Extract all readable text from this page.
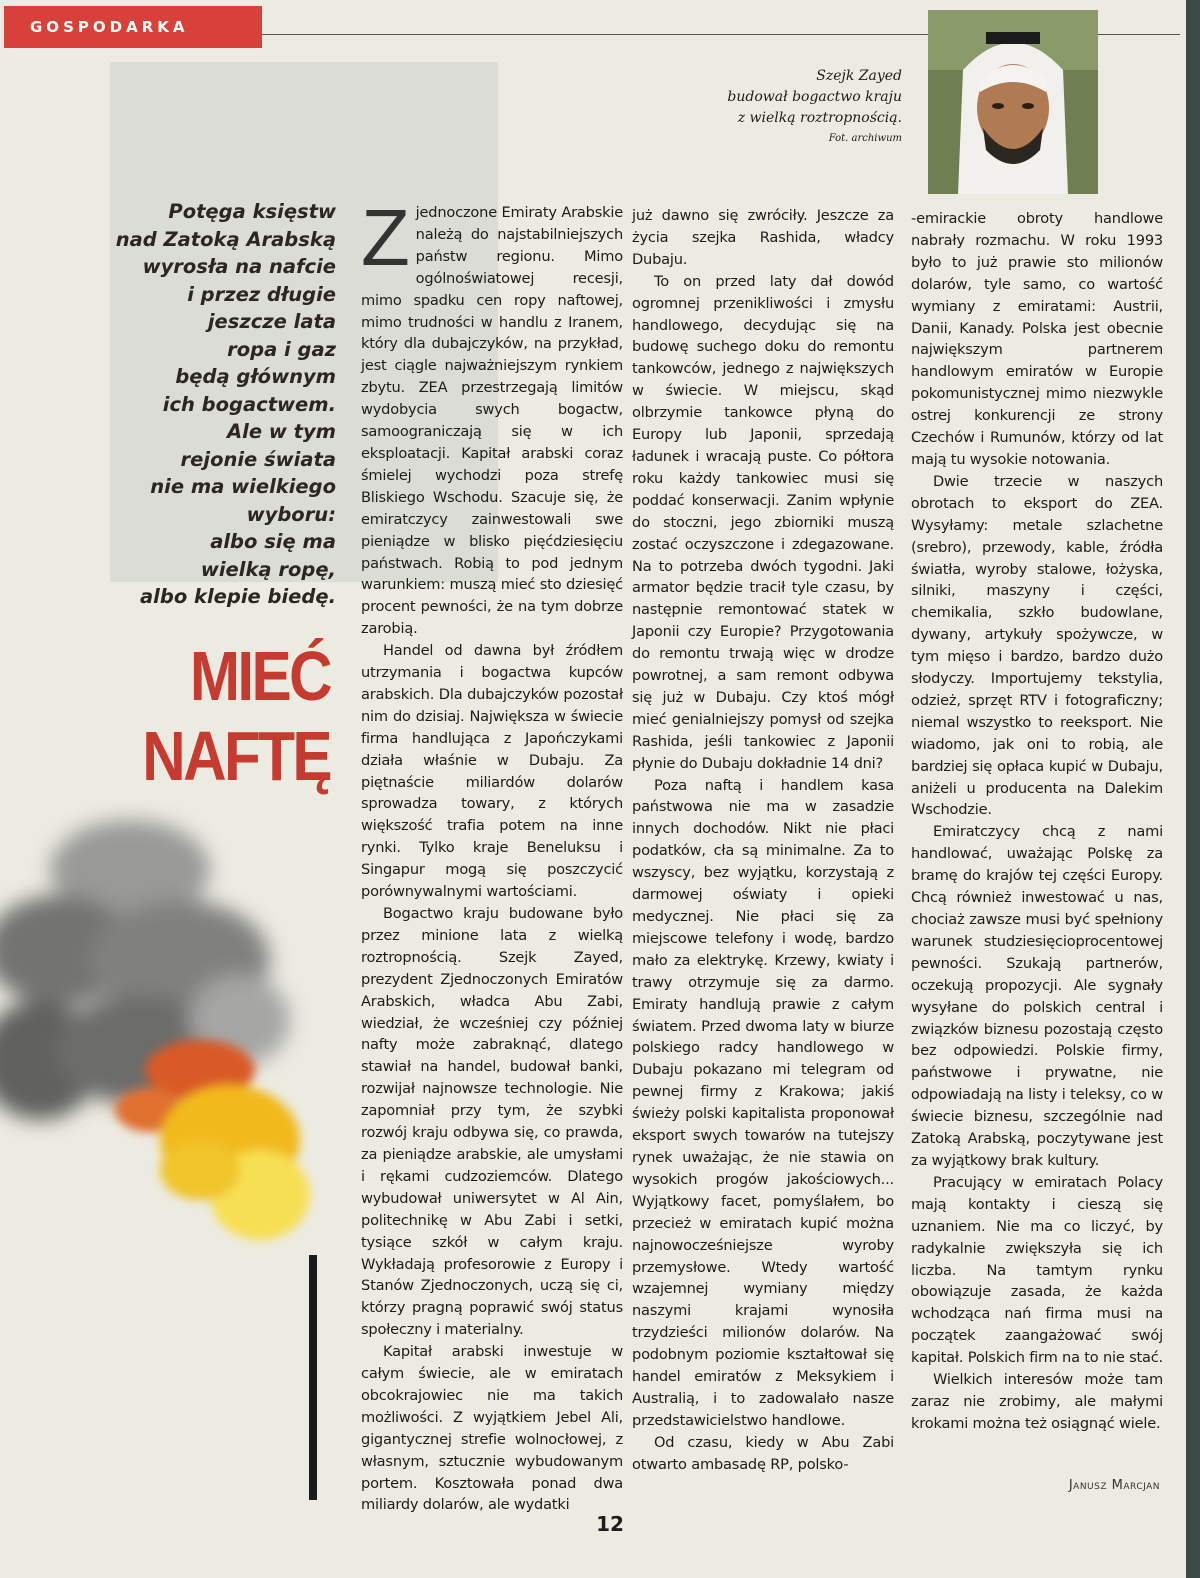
GOSPODARKA
Szejk Zayed
budował bogactwo kraju
z wielką roztropnością.
Fot. archiwum
Potęga księstw
nad Zatoką Arabską
wyrosła na nafcie
i przez długie
jeszcze lata
ropa i gaz
będą głównym
ich bogactwem.
Ale w tym
rejonie świata
nie ma wielkiego
wyboru:
albo się ma
wielką ropę,
albo klepie biedę.
MIEĆ
NAFTĘ
Z jednoczone Emiraty Arabskie należą do najstabilniejszych państw regionu. Mimo ogólnoświatowej recesji, mimo spadku cen ropy naftowej, mimo trudności w handlu z Iranem, który dla dubajczyków, na przykład, jest ciągle najważniejszym rynkiem zbytu. ZEA przestrzegają limitów wydobycia swych bogactw, samoograniczają się w ich eksploatacji. Kapitał arabski coraz śmielej wychodzi poza strefę Bliskiego Wschodu. Szacuje się, że emiratczycy zainwestowali swe pieniądze w blisko pięćdziesięciu państwach. Robią to pod jednym warunkiem: muszą mieć sto dziesięć procent pewności, że na tym dobrze zarobią.

Handel od dawna był źródłem utrzymania i bogactwa kupców arabskich. Dla dubajczyków pozostał nim do dzisiaj. Największa w świecie firma handlująca z Japończykami działa właśnie w Dubaju. Za piętnaście miliardów dolarów sprowadza towary, z których większość trafia potem na inne rynki. Tylko kraje Beneluksu i Singapur mogą się poszczycić porównywalnymi wartościami.

Bogactwo kraju budowane było przez minione lata z wielką roztropnością. Szejk Zayed, prezydent Zjednoczonych Emiratów Arabskich, władca Abu Zabi, wiedział, że wcześniej czy później nafty może zabraknąć, dlatego stawiał na handel, budował banki, rozwijał najnowsze technologie. Nie zapomniał przy tym, że szybki rozwój kraju odbywa się, co prawda, za pieniądze arabskie, ale umysłami i rękami cudzoziemców. Dlatego wybudował uniwersytet w Al Ain, politechnikę w Abu Zabi i setki, tysiące szkół w całym kraju. Wykładają profesorowie z Europy i Stanów Zjednoczonych, uczą się ci, którzy pragną poprawić swój status społeczny i materialny.

Kapitał arabski inwestuje w całym świecie, ale w emiratach obcokrajowiec nie ma takich możliwości. Z wyjątkiem Jebel Ali, gigantycznej strefie wolnocłowej, z własnym, sztucznie wybudowanym portem. Kosztowała ponad dwa miliardy dolarów, ale wydatki

już dawno się zwróciły. Jeszcze za życia szejka Rashida, władcy Dubaju.

To on przed laty dał dowód ogromnej przenikliwości i zmysłu handlowego, decydując się na budowę suchego doku do remontu tankowców, jednego z największych w świecie. W miejscu, skąd olbrzymie tankowce płyną do Europy lub Japonii, sprzedają ładunek i wracają puste. Co półtora roku każdy tankowiec musi się poddać konserwacji. Zanim wpłynie do stoczni, jego zbiorniki muszą zostać oczyszczone i zdegazowane. Na to potrzeba dwóch tygodni. Jaki armator będzie tracił tyle czasu, by następnie remontować statek w Japonii czy Europie? Przygotowania do remontu trwają więc w drodze powrotnej, a sam remont odbywa się już w Dubaju. Czy ktoś mógł mieć genialniejszy pomysł od szejka Rashida, jeśli tankowiec z Japonii płynie do Dubaju dokładnie 14 dni?

Poza naftą i handlem kasa państwowa nie ma w zasadzie innych dochodów. Nikt nie płaci podatków, cła są minimalne. Za to wszyscy, bez wyjątku, korzystają z darmowej oświaty i opieki medycznej. Nie płaci się za miejscowe telefony i wodę, bardzo mało za elektrykę. Krzewy, kwiaty i trawy otrzymuje się za darmo. Emiraty handlują prawie z całym światem. Przed dwoma laty w biurze polskiego radcy handlowego w Dubaju pokazano mi telegram od pewnej firmy z Krakowa; jakiś świeży polski kapitalista proponował eksport swych towarów na tutejszy rynek uważając, że nie stawia on wysokich progów jakościowych... Wyjątkowy facet, pomyślałem, bo przecież w emiratach kupić można najnowocześniejsze wyroby przemysłowe. Wtedy wartość wzajemnej wymiany między naszymi krajami wynosiła trzydzieści milionów dolarów. Na podobnym poziomie kształtował się handel emiratów z Meksykiem i Australią, i to zadowalało nasze przedstawicielstwo handlowe.

Od czasu, kiedy w Abu Zabi otwarto ambasadę RP, polsko-

-emirackie obroty handlowe nabrały rozmachu. W roku 1993 było to już prawie sto milionów dolarów, tyle samo, co wartość wymiany z emiratami: Austrii, Danii, Kanady. Polska jest obecnie największym partnerem handlowym emiratów w Europie pokomunistycznej mimo niezwykle ostrej konkurencji ze strony Czechów i Rumunów, którzy od lat mają tu wysokie notowania.

Dwie trzecie w naszych obrotach to eksport do ZEA. Wysyłamy: metale szlachetne (srebro), przewody, kable, źródła światła, wyroby stalowe, łożyska, silniki, maszyny i części, chemikalia, szkło budowlane, dywany, artykuły spożywcze, w tym mięso i bardzo, bardzo dużo słodyczy. Importujemy tekstylia, odzież, sprzęt RTV i fotograficzny; niemal wszystko to reeksport. Nie wiadomo, jak oni to robią, ale bardziej się opłaca kupić w Dubaju, aniżeli u producenta na Dalekim Wschodzie.

Emiratczycy chcą z nami handlować, uważając Polskę za bramę do krajów tej części Europy. Chcą również inwestować u nas, chociaż zawsze musi być spełniony warunek studziesięcioprocentowej pewności. Szukają partnerów, oczekują propozycji. Ale sygnały wysyłane do polskich central i związków biznesu pozostają często bez odpowiedzi. Polskie firmy, państwowe i prywatne, nie odpowiadają na listy i teleksy, co w świecie biznesu, szczególnie nad Zatoką Arabską, poczytywane jest za wyjątkowy brak kultury.

Pracujący w emiratach Polacy mają kontakty i cieszą się uznaniem. Nie ma co liczyć, by radykalnie zwiększyła się ich liczba. Na tamtym rynku obowiązuje zasada, że każda wchodząca nań firma musi na początek zaangażować swój kapitał. Polskich firm na to nie stać.

Wielkich interesów może tam zaraz nie zrobimy, ale małymi krokami można też osiągnąć wiele.

Janusz Marcjan
12
